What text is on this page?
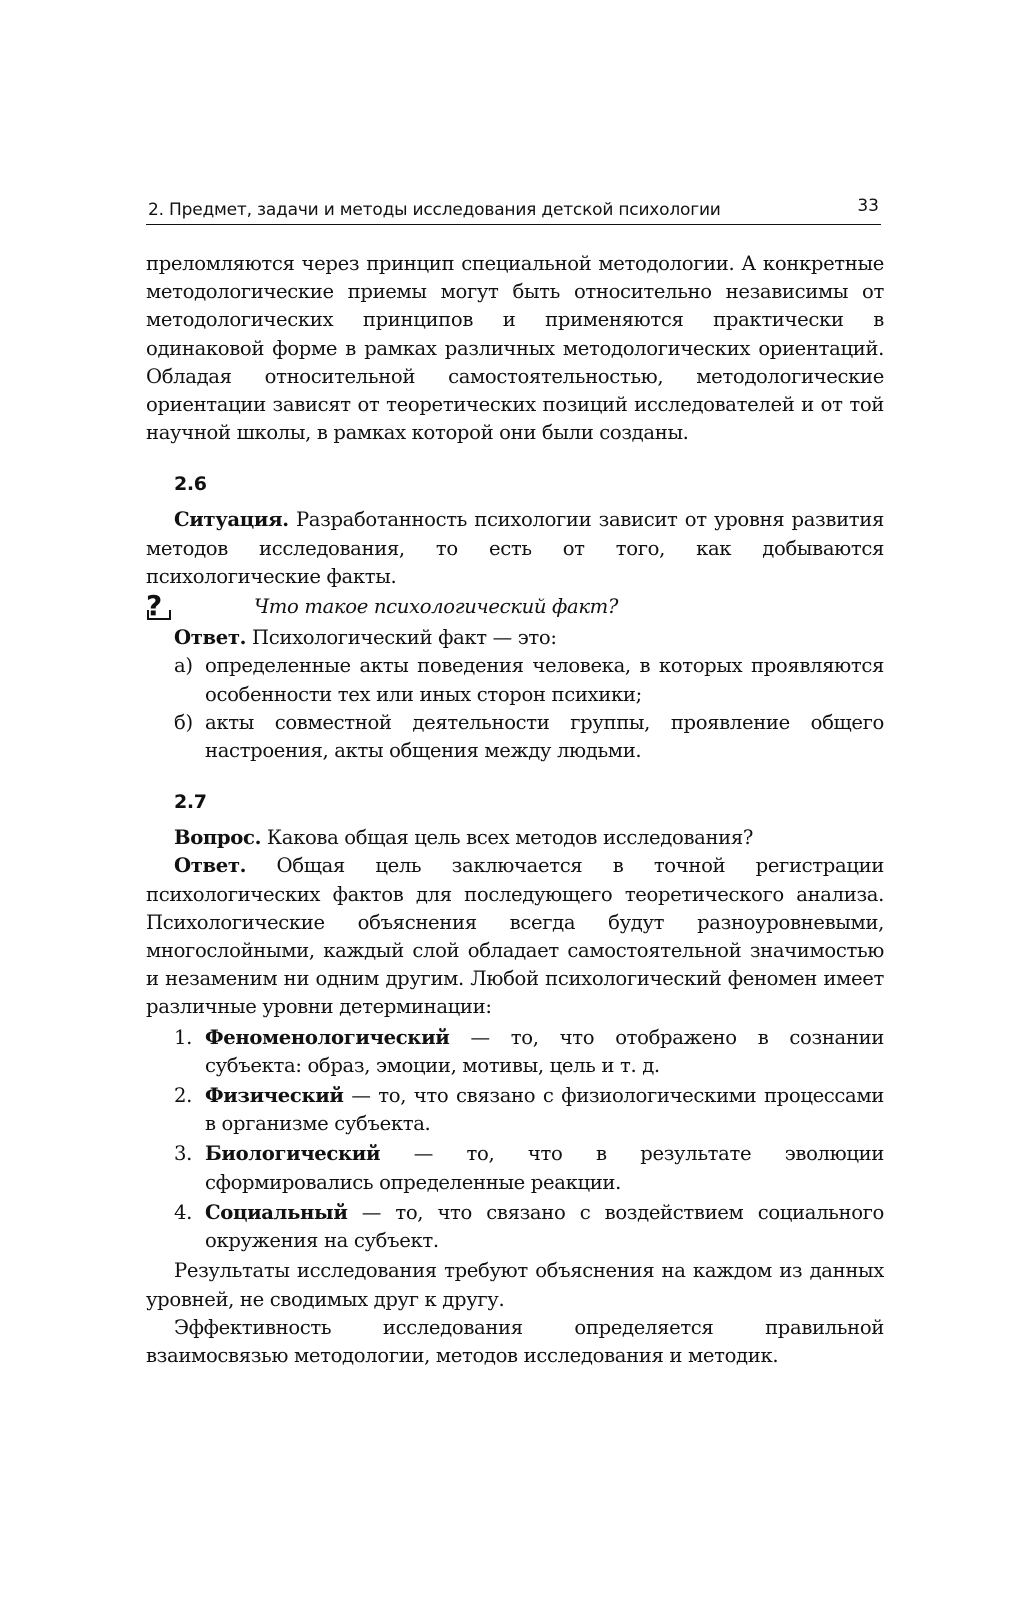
2. Предмет, задачи и методы исследования детской психологии	33

преломляются через принцип специальной методологии. А конкретные методологические приемы могут быть относительно независимы от методологических принципов и применяются практически в одинаковой форме в рамках различных методологических ориентаций. Обладая относительной самостоятельностью, методологические ориентации зависят от теоретических позиций исследователей и от той научной школы, в рамках которой они были созданы.

2.6

Ситуация. Разработанность психологии зависит от уровня развития методов исследования, то есть от того, как добываются психологические факты.

?	Что такое психологический факт?

Ответ. Психологический факт — это:

а) определенные акты поведения человека, в которых проявляются особенности тех или иных сторон психики;
б) акты совместной деятельности группы, проявление общего настроения, акты общения между людьми.
2.7

Вопрос. Какова общая цель всех методов исследования?

Ответ. Общая цель заключается в точной регистрации психологических фактов для последующего теоретического анализа. Психологические объяснения всегда будут разноуровневыми, многослойными, каждый слой обладает самостоятельной значимостью и незаменим ни одним другим. Любой психологический феномен имеет различные уровни детерминации:

1. Феноменологический — то, что отображено в сознании субъекта: образ, эмоции, мотивы, цель и т. д.
2. Физический — то, что связано с физиологическими процессами в организме субъекта.
3. Биологический — то, что в результате эволюции сформировались определенные реакции.
4. Социальный — то, что связано с воздействием социального окружения на субъект.

Результаты исследования требуют объяснения на каждом из данных уровней, не сводимых друг к другу.

Эффективность исследования определяется правильной взаимосвязью методологии, методов исследования и методик.
